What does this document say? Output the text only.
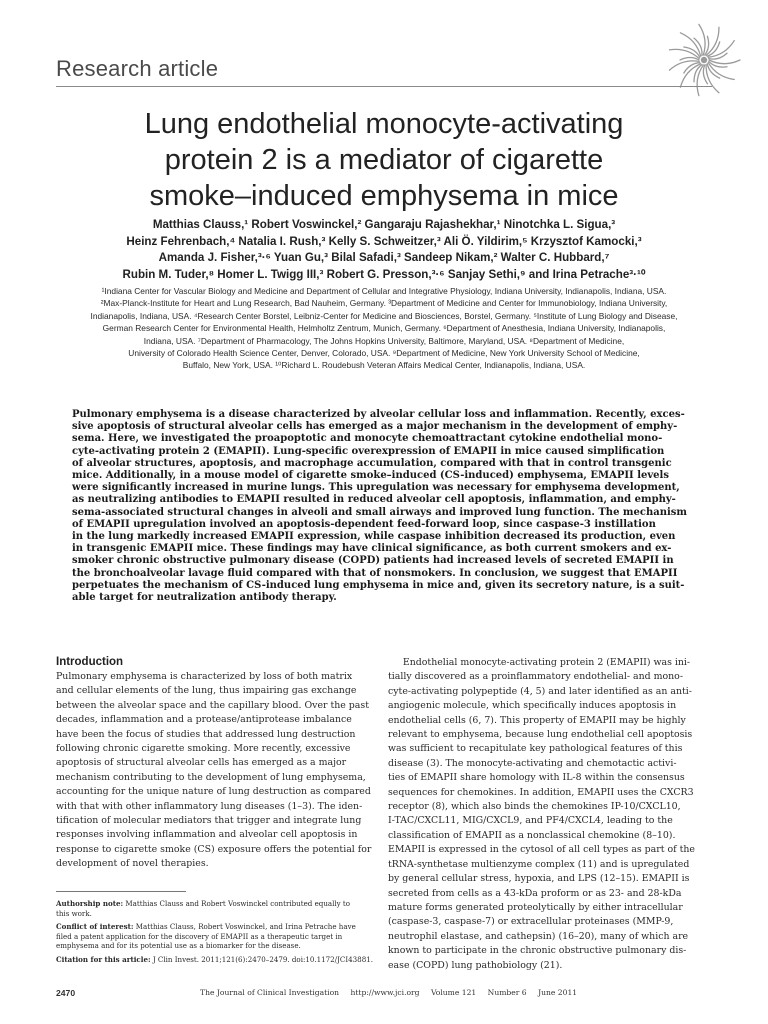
Research article
Lung endothelial monocyte-activating
protein 2 is a mediator of cigarette
smoke–induced emphysema in mice
Matthias Clauss,¹ Robert Voswinckel,² Gangaraju Rajashekhar,¹ Ninotchka L. Sigua,³
Heinz Fehrenbach,⁴ Natalia I. Rush,³ Kelly S. Schweitzer,³ Ali Ö. Yildirim,⁵ Krzysztof Kamocki,³
Amanda J. Fisher,³·⁶ Yuan Gu,³ Bilal Safadi,³ Sandeep Nikam,² Walter C. Hubbard,⁷
Rubin M. Tuder,⁸ Homer L. Twigg III,³ Robert G. Presson,³·⁶ Sanjay Sethi,⁹ and Irina Petrache³·¹⁰
¹Indiana Center for Vascular Biology and Medicine and Department of Cellular and Integrative Physiology, Indiana University, Indianapolis, Indiana, USA.
²Max-Planck-Institute for Heart and Lung Research, Bad Nauheim, Germany. ³Department of Medicine and Center for Immunobiology, Indiana University,
Indianapolis, Indiana, USA. ⁴Research Center Borstel, Leibniz-Center for Medicine and Biosciences, Borstel, Germany. ⁵Institute of Lung Biology and Disease,
German Research Center for Environmental Health, Helmholtz Zentrum, Munich, Germany. ⁶Department of Anesthesia, Indiana University, Indianapolis,
Indiana, USA. ⁷Department of Pharmacology, The Johns Hopkins University, Baltimore, Maryland, USA. ⁸Department of Medicine,
University of Colorado Health Science Center, Denver, Colorado, USA. ⁹Department of Medicine, New York University School of Medicine,
Buffalo, New York, USA. ¹⁰Richard L. Roudebush Veteran Affairs Medical Center, Indianapolis, Indiana, USA.
Pulmonary emphysema is a disease characterized by alveolar cellular loss and inflammation. Recently, exces-
sive apoptosis of structural alveolar cells has emerged as a major mechanism in the development of emphy-
sema. Here, we investigated the proapoptotic and monocyte chemoattractant cytokine endothelial mono-
cyte-activating protein 2 (EMAPII). Lung-specific overexpression of EMAPII in mice caused simplification
of alveolar structures, apoptosis, and macrophage accumulation, compared with that in control transgenic
mice. Additionally, in a mouse model of cigarette smoke–induced (CS-induced) emphysema, EMAPII levels
were significantly increased in murine lungs. This upregulation was necessary for emphysema development,
as neutralizing antibodies to EMAPII resulted in reduced alveolar cell apoptosis, inflammation, and emphy-
sema-associated structural changes in alveoli and small airways and improved lung function. The mechanism
of EMAPII upregulation involved an apoptosis-dependent feed-forward loop, since caspase-3 instillation
in the lung markedly increased EMAPII expression, while caspase inhibition decreased its production, even
in transgenic EMAPII mice. These findings may have clinical significance, as both current smokers and ex-
smoker chronic obstructive pulmonary disease (COPD) patients had increased levels of secreted EMAPII in
the bronchoalveolar lavage fluid compared with that of nonsmokers. In conclusion, we suggest that EMAPII
perpetuates the mechanism of CS-induced lung emphysema in mice and, given its secretory nature, is a suit-
able target for neutralization antibody therapy.
Introduction
Pulmonary emphysema is characterized by loss of both matrix
and cellular elements of the lung, thus impairing gas exchange
between the alveolar space and the capillary blood. Over the past
decades, inflammation and a protease/antiprotease imbalance
have been the focus of studies that addressed lung destruction
following chronic cigarette smoking. More recently, excessive
apoptosis of structural alveolar cells has emerged as a major
mechanism contributing to the development of lung emphysema,
accounting for the unique nature of lung destruction as compared
with that with other inflammatory lung diseases (1–3). The iden-
tification of molecular mediators that trigger and integrate lung
responses involving inflammation and alveolar cell apoptosis in
response to cigarette smoke (CS) exposure offers the potential for
development of novel therapies.
Endothelial monocyte-activating protein 2 (EMAPII) was ini-
tially discovered as a proinflammatory endothelial- and mono-
cyte-activating polypeptide (4, 5) and later identified as an anti-
angiogenic molecule, which specifically induces apoptosis in
endothelial cells (6, 7). This property of EMAPII may be highly
relevant to emphysema, because lung endothelial cell apoptosis
was sufficient to recapitulate key pathological features of this
disease (3). The monocyte-activating and chemotactic activi-
ties of EMAPII share homology with IL-8 within the consensus
sequences for chemokines. In addition, EMAPII uses the CXCR3
receptor (8), which also binds the chemokines IP-10/CXCL10,
I-TAC/CXCL11, MIG/CXCL9, and PF4/CXCL4, leading to the
classification of EMAPII as a nonclassical chemokine (8–10).
EMAPII is expressed in the cytosol of all cell types as part of the
tRNA-synthetase multienzyme complex (11) and is upregulated
by general cellular stress, hypoxia, and LPS (12–15). EMAPII is
secreted from cells as a 43-kDa proform or as 23- and 28-kDa
mature forms generated proteolytically by either intracellular
(caspase-3, caspase-7) or extracellular proteinases (MMP-9,
neutrophil elastase, and cathepsin) (16–20), many of which are
known to participate in the chronic obstructive pulmonary dis-
ease (COPD) lung pathobiology (21).
Authorship note: Matthias Clauss and Robert Voswinckel contributed equally to
this work.
Conflict of interest: Matthias Clauss, Robert Voswinckel, and Irina Petrache have
filed a patent application for the discovery of EMAPII as a therapeutic target in
emphysema and for its potential use as a biomarker for the disease.
Citation for this article: J Clin Invest. 2011;121(6):2470–2479. doi:10.1172/JCI43881.
2470	The Journal of Clinical Investigation http://www.jci.org Volume 121 Number 6 June 2011
